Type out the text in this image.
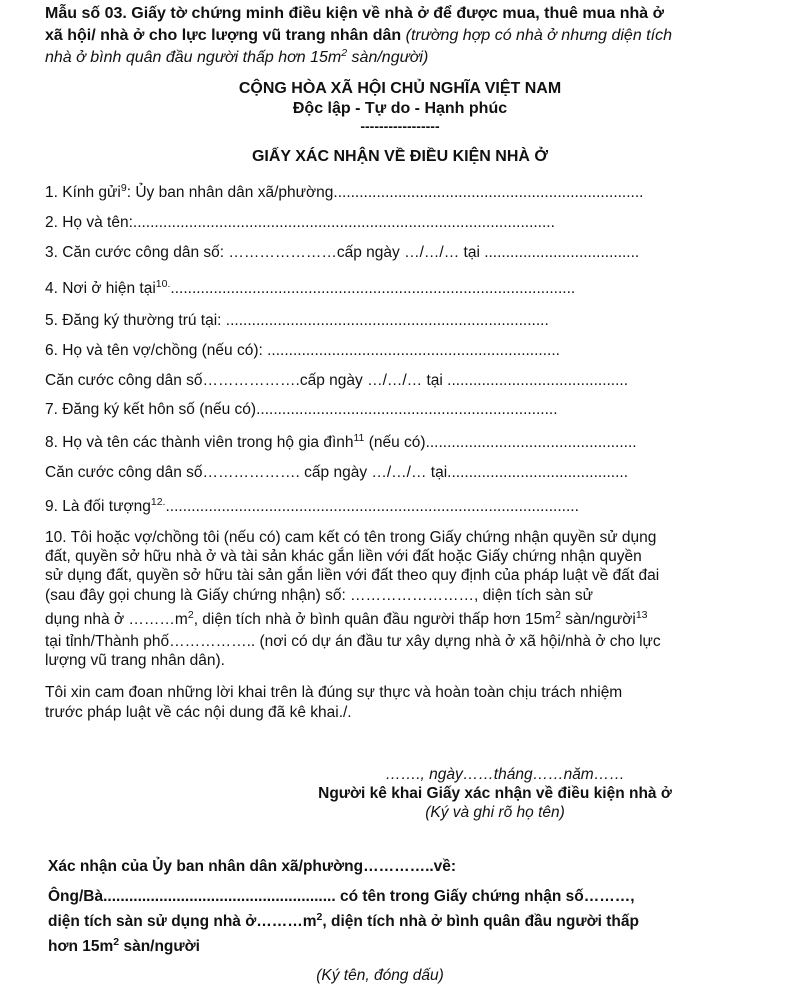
Mẫu số 03. Giấy tờ chứng minh điều kiện về nhà ở để được mua, thuê mua nhà ở
xã hội/ nhà ở cho lực lượng vũ trang nhân dân (trường hợp có nhà ở nhưng diện tích
nhà ở bình quân đầu người thấp hơn $15m^2$ sàn/người)
CỘNG HÒA XÃ HỘI CHỦ NGHĨA VIỆT NAM
Độc lập - Tự do - Hạnh phúc
-----------------
GIẤY XÁC NHẬN VỀ ĐIỀU KIỆN NHÀ Ở
1. Kính gửi$^9$: Ủy ban nhân dân xã/phường........................................................................
2. Họ và tên:..................................................................................................
3. Căn cước công dân số: …………………cấp ngày …/…/… tại ....................................
4. Nơi ở hiện tại$^{10.}$..............................................................................................
5. Đăng ký thường trú tại: ...........................................................................
6. Họ và tên vợ/chồng (nếu có): ....................................................................
Căn cước công dân số……………….cấp ngày …/…/… tại ..........................................
7. Đăng ký kết hôn số (nếu có)......................................................................
8. Họ và tên các thành viên trong hộ gia đình$^{11}$ (nếu có).................................................
Căn cước công dân số………………. cấp ngày …/…/… tại..........................................
9. Là đối tượng$^{12.}$................................................................................................
10. Tôi hoặc vợ/chồng tôi (nếu có) cam kết có tên trong Giấy chứng nhận quyền sử dụng
đất, quyền sở hữu nhà ở và tài sản khác gắn liền với đất hoặc Giấy chứng nhận quyền
sử dụng đất, quyền sở hữu tài sản gắn liền với đất theo quy định của pháp luật về đất đai
(sau đây gọi chung là Giấy chứng nhận) số: ……………………, diện tích sàn sử
dụng nhà ở $\dots\dots\dots m^2$, diện tích nhà ở bình quân đầu người thấp hơn $15m^2$ sàn/người$^{13}$
tại tỉnh/Thành phố…………….. (nơi có dự án đầu tư xây dựng nhà ở xã hội/nhà ở cho lực
lượng vũ trang nhân dân).
Tôi xin cam đoan những lời khai trên là đúng sự thực và hoàn toàn chịu trách nhiệm
trước pháp luật về các nội dung đã kê khai./.
……., ngày……tháng……năm……
Người kê khai Giấy xác nhận về điều kiện nhà ở
(Ký và ghi rõ họ tên)
Xác nhận của Ủy ban nhân dân xã/phường…………..về:
Ông/Bà...................................................... có tên trong Giấy chứng nhận số………,
diện tích sàn sử dụng nhà $ở\dots\dots\dots m^2$, diện tích nhà ở bình quân đầu người thấp
hơn $15m^2$ sàn/người
(Ký tên, đóng dấu)
